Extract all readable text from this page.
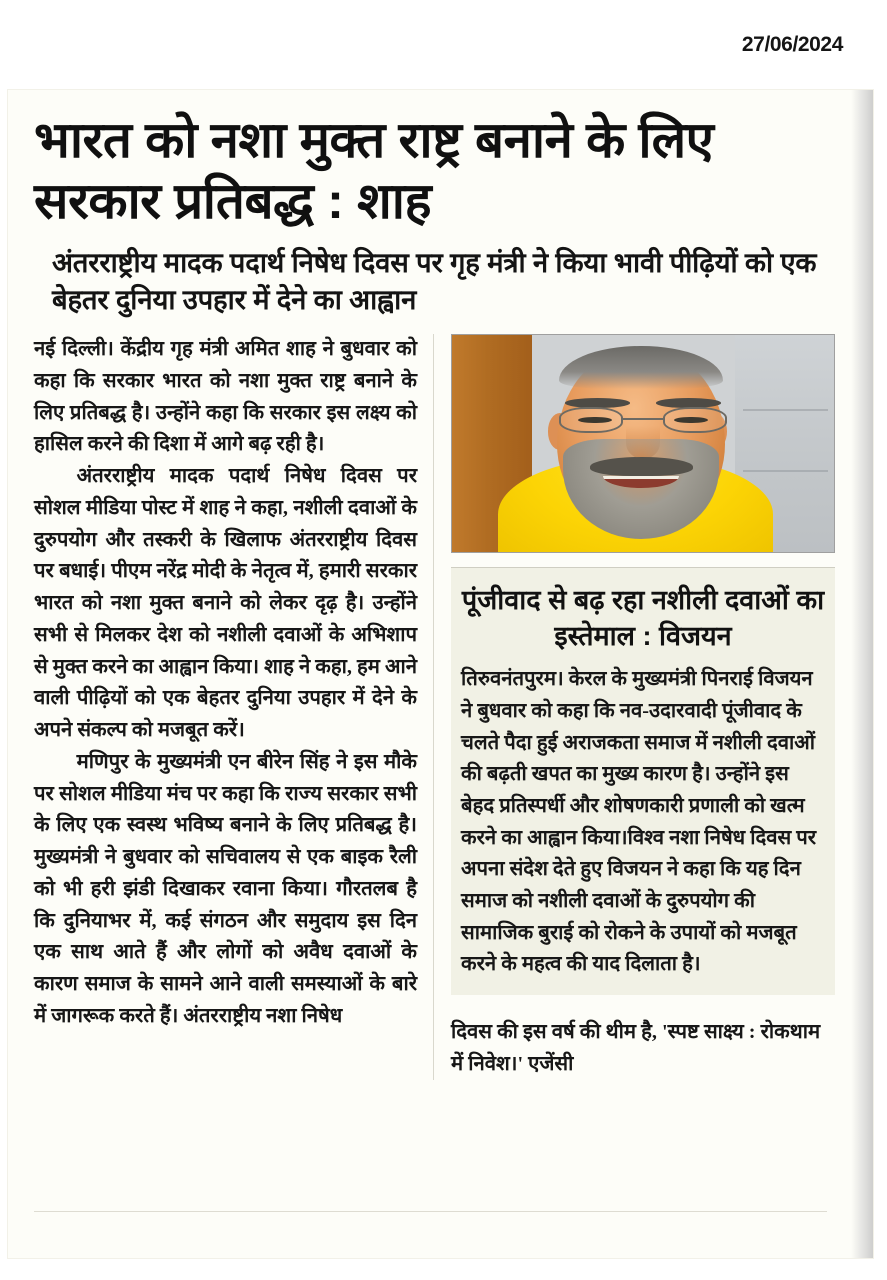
27/06/2024
भारत को नशा मुक्त राष्ट्र बनाने के लिए सरकार प्रतिबद्ध : शाह
अंतरराष्ट्रीय मादक पदार्थ निषेध दिवस पर गृह मंत्री ने किया भावी पीढ़ियों को एक बेहतर दुनिया उपहार में देने का आह्वान

नई दिल्ली। केंद्रीय गृह मंत्री अमित शाह ने बुधवार को कहा कि सरकार भारत को नशा मुक्त राष्ट्र बनाने के लिए प्रतिबद्ध है। उन्होंने कहा कि सरकार इस लक्ष्य को हासिल करने की दिशा में आगे बढ़ रही है।

अंतरराष्ट्रीय मादक पदार्थ निषेध दिवस पर सोशल मीडिया पोस्ट में शाह ने कहा, नशीली दवाओं के दुरुपयोग और तस्करी के खिलाफ अंतरराष्ट्रीय दिवस पर बधाई। पीएम नरेंद्र मोदी के नेतृत्व में, हमारी सरकार भारत को नशा मुक्त बनाने को लेकर दृढ़ है। उन्होंने सभी से मिलकर देश को नशीली दवाओं के अभिशाप से मुक्त करने का आह्वान किया। शाह ने कहा, हम आने वाली पीढ़ियों को एक बेहतर दुनिया उपहार में देने के अपने संकल्प को मजबूत करें।

मणिपुर के मुख्यमंत्री एन बीरेन सिंह ने इस मौके पर सोशल मीडिया मंच पर कहा कि राज्य सरकार सभी के लिए एक स्वस्थ भविष्य बनाने के लिए प्रतिबद्ध है। मुख्यमंत्री ने बुधवार को सचिवालय से एक बाइक रैली को भी हरी झंडी दिखाकर रवाना किया। गौरतलब है कि दुनियाभर में, कई संगठन और समुदाय इस दिन एक साथ आते हैं और लोगों को अवैध दवाओं के कारण समाज के सामने आने वाली समस्याओं के बारे में जागरूक करते हैं। अंतरराष्ट्रीय नशा निषेध

पूंजीवाद से बढ़ रहा नशीली दवाओं का इस्तेमाल : विजयन

तिरुवनंतपुरम। केरल के मुख्यमंत्री पिनराई विजयन ने बुधवार को कहा कि नव-उदारवादी पूंजीवाद के चलते पैदा हुई अराजकता समाज में नशीली दवाओं की बढ़ती खपत का मुख्य कारण है। उन्होंने इस बेहद प्रतिस्पर्धी और शोषणकारी प्रणाली को खत्म करने का आह्वान किया।विश्व नशा निषेध दिवस पर अपना संदेश देते हुए विजयन ने कहा कि यह दिन समाज को नशीली दवाओं के दुरुपयोग की सामाजिक बुराई को रोकने के उपायों को मजबूत करने के महत्व की याद दिलाता है।

दिवस की इस वर्ष की थीम है, 'स्पष्ट साक्ष्य : रोकथाम में निवेश।' एजेंसी
